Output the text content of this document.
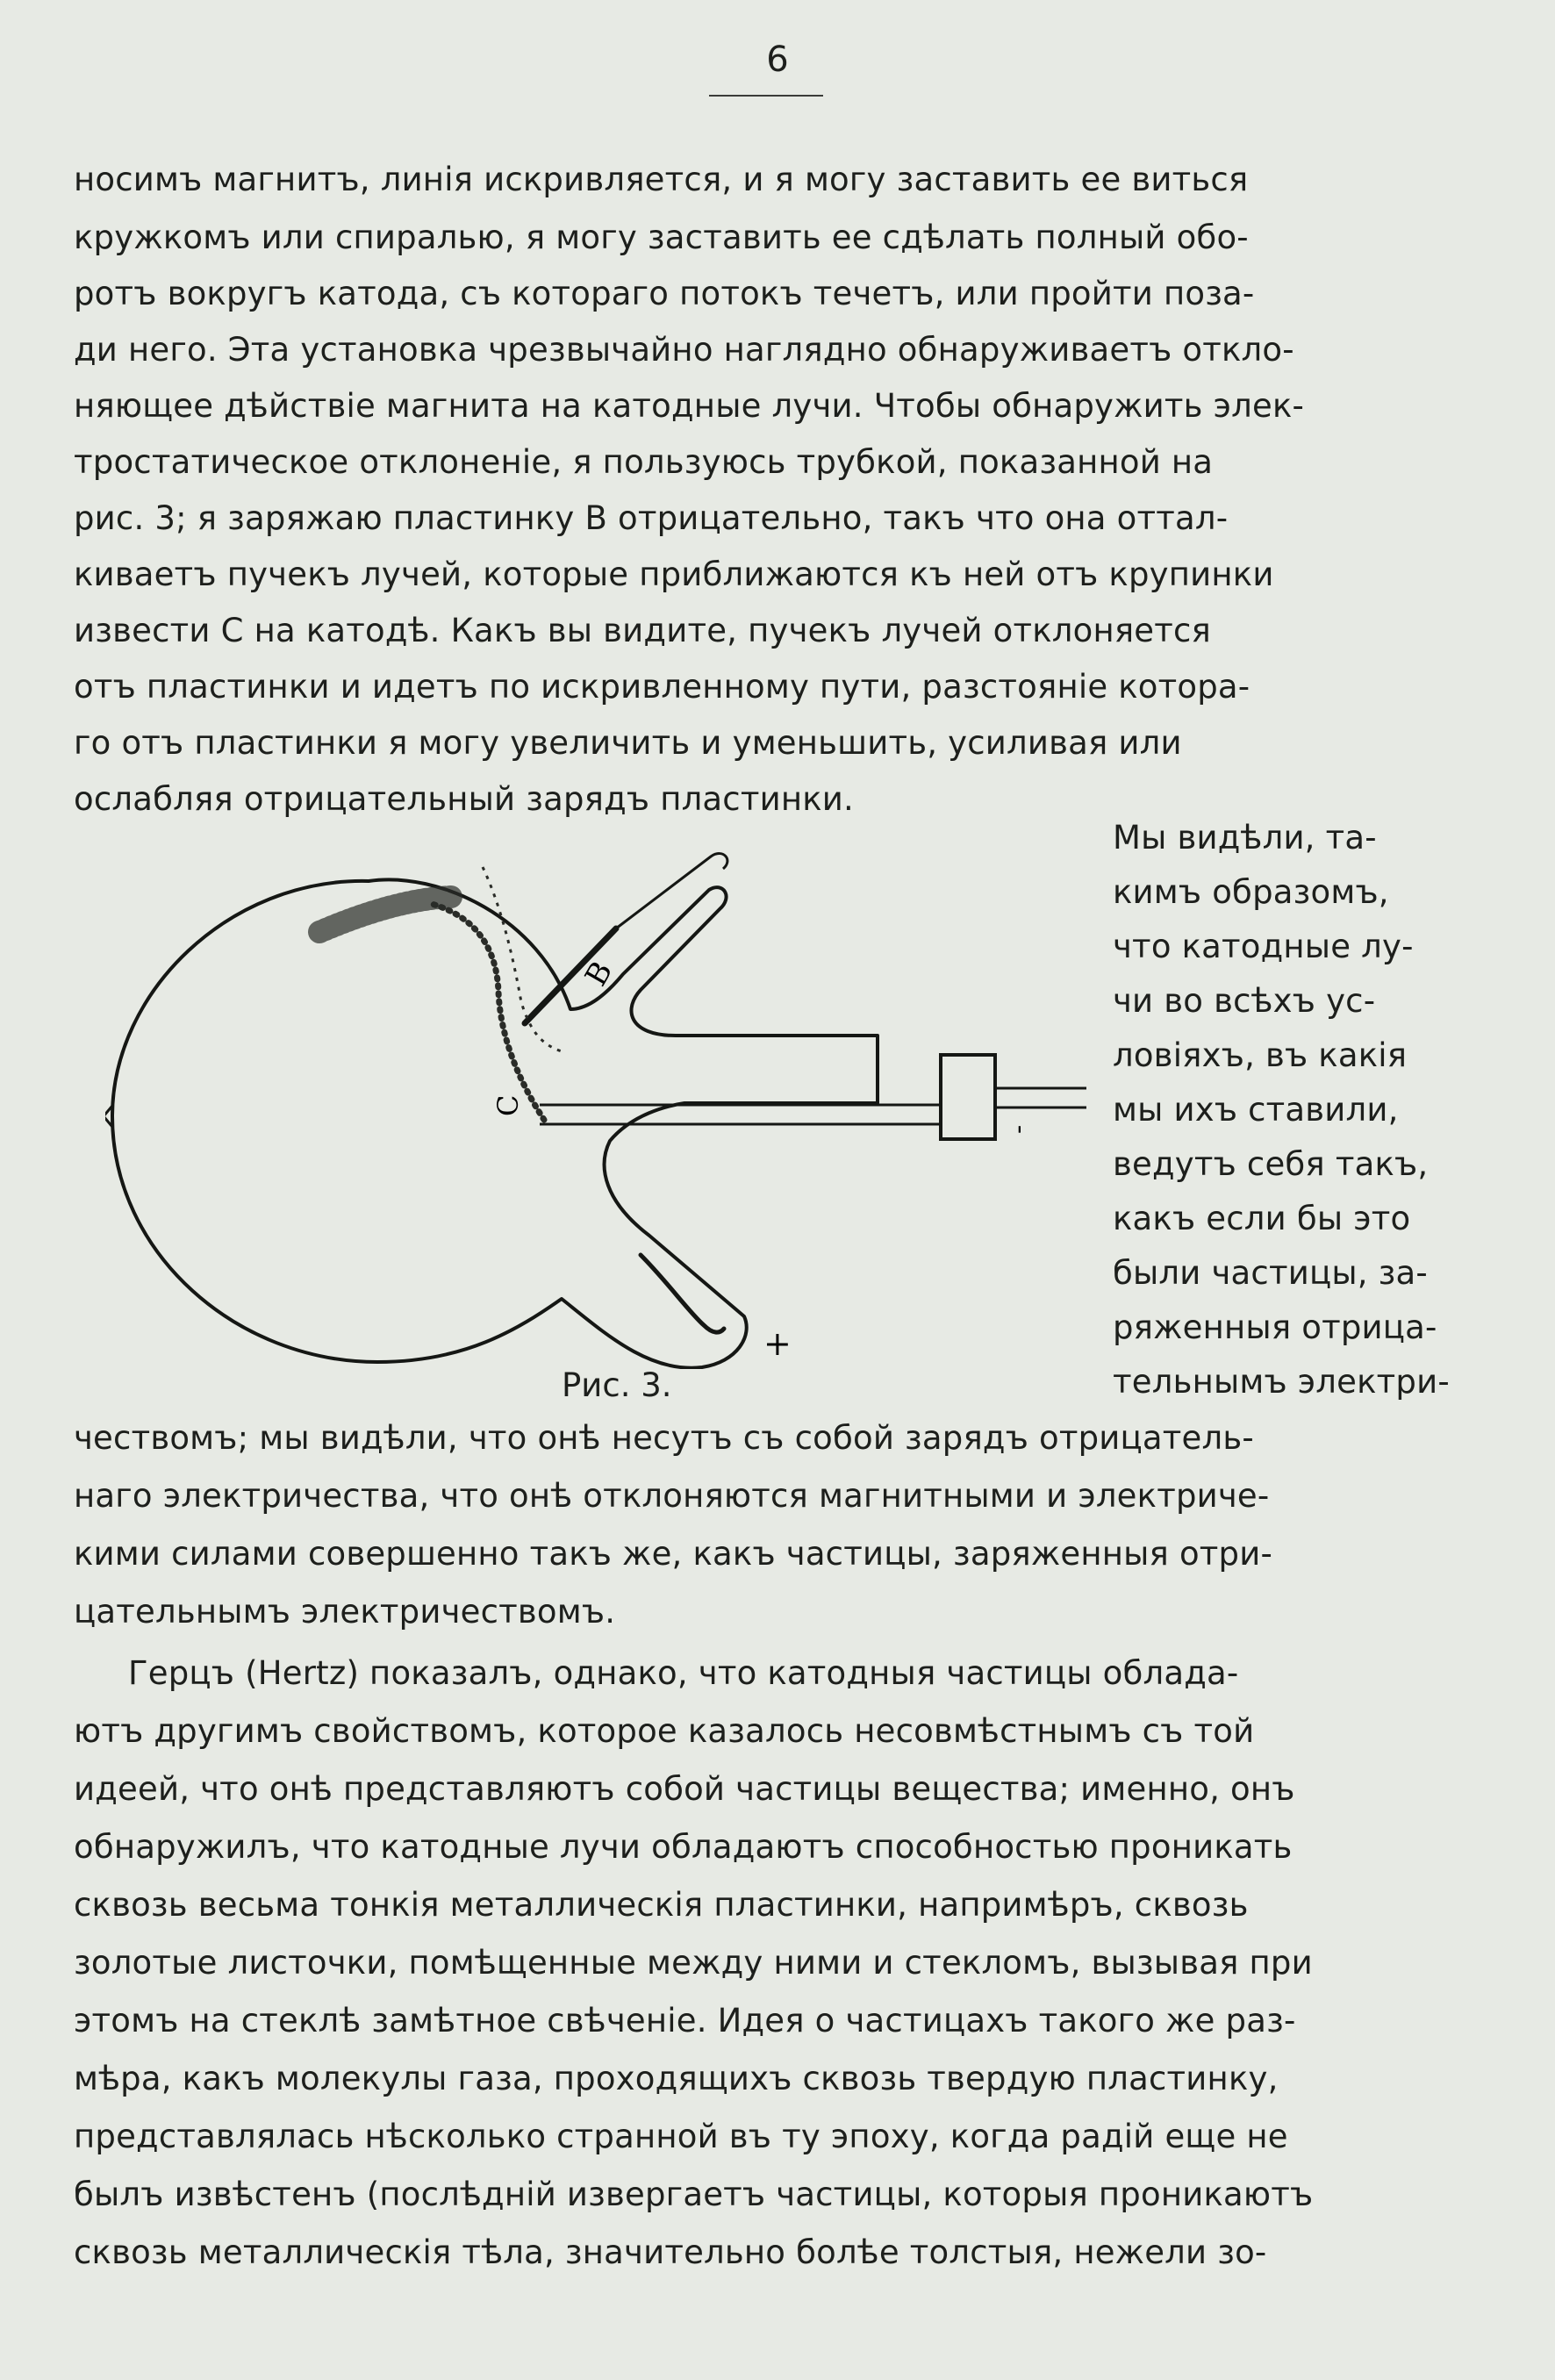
6
носимъ магнитъ, линія искривляется, и я могу заставить ее виться
кружкомъ или спиралью, я могу заставить ее сдѣлать полный обо-
ротъ вокругъ катода, съ котораго потокъ течетъ, или пройти поза-
ди него. Эта установка чрезвычайно наглядно обнаруживаетъ откло-
няющее дѣйствіе магнита на катодные лучи. Чтобы обнаружить элек-
тростатическое отклоненіе, я пользуюсь трубкой, показанной на
рис. 3; я заряжаю пластинку B отрицательно, такъ что она оттал-
киваетъ пучекъ лучей, которые приближаются къ ней отъ крупинки
извести C на катодѣ. Какъ вы видите, пучекъ лучей отклоняется
отъ пластинки и идетъ по искривленному пути, разстояніе котора-
го отъ пластинки я могу увеличить и уменьшить, усиливая или
ослабляя отрицательный зарядъ пластинки.
Мы видѣли, та-
кимъ образомъ,
что катодные лу-
чи во всѣхъ ус-
ловіяхъ, въ какія
мы ихъ ставили,
ведутъ себя такъ,
какъ если бы это
были частицы, за-
ряженныя отрица-
тельнымъ электри-
B
C
+
-
Рис. 3.
чествомъ; мы видѣли, что онѣ несутъ съ собой зарядъ отрицатель-
наго электричества, что онѣ отклоняются магнитными и электриче-
кими силами совершенно такъ же, какъ частицы, заряженныя отри-
цательнымъ электричествомъ.
Герцъ (Hertz) показалъ, однако, что катодныя частицы облада-
ютъ другимъ свойствомъ, которое казалось несовмѣстнымъ съ той
идеей, что онѣ представляютъ собой частицы вещества; именно, онъ
обнаружилъ, что катодные лучи обладаютъ способностью проникать
сквозь весьма тонкія металлическія пластинки, напримѣръ, сквозь
золотые листочки, помѣщенные между ними и стекломъ, вызывая при
этомъ на стеклѣ замѣтное свѣченіе. Идея о частицахъ такого же раз-
мѣра, какъ молекулы газа, проходящихъ сквозь твердую пластинку,
представлялась нѣсколько странной въ ту эпоху, когда радій еще не
былъ извѣстенъ (послѣдній извергаетъ частицы, которыя проникаютъ
сквозь металлическія тѣла, значительно болѣе толстыя, нежели зо-
